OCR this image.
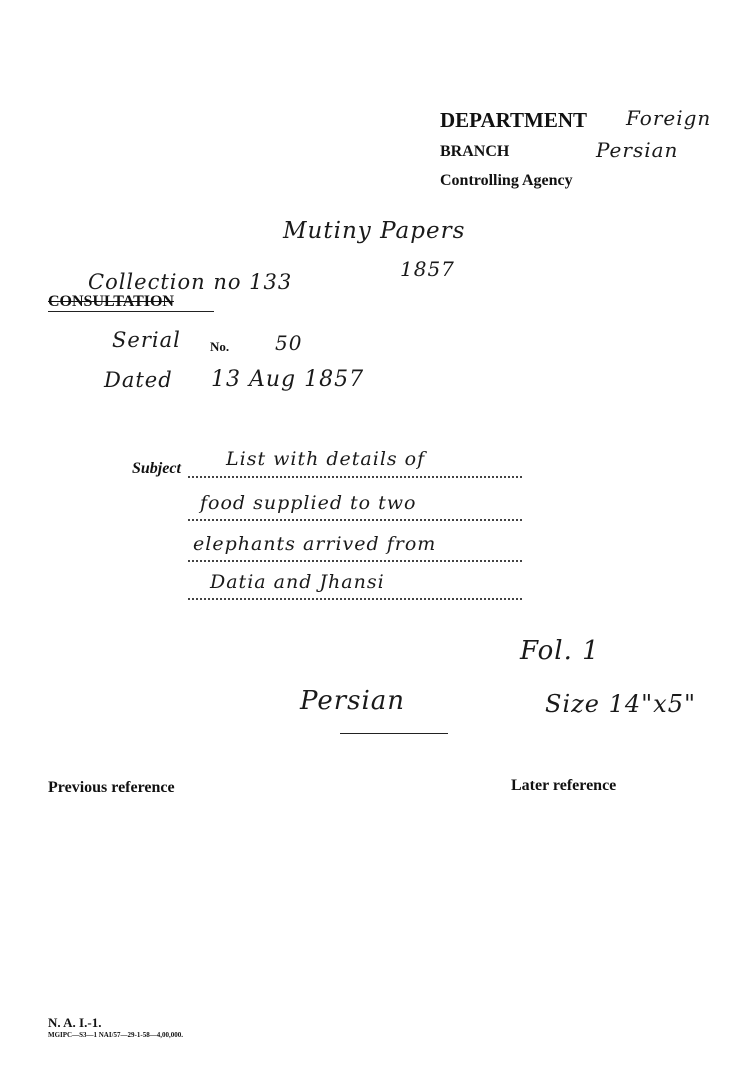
DEPARTMENT Foreign
BRANCH	Persian
Controlling Agency
Mutiny Papers
1857
Collection no 133
CONSULTATION
Serial No. 50
Dated 13 Aug 1857
Subject List with details of
food supplied to two
elephants arrived from
Datia and Jhansi
Fol. 1
Persian	Size 14"x5"
Previous reference	Later reference
N. A. I.-1.
MGIPC—S3—1 NAI/57—29-1-58—4,00,000.
